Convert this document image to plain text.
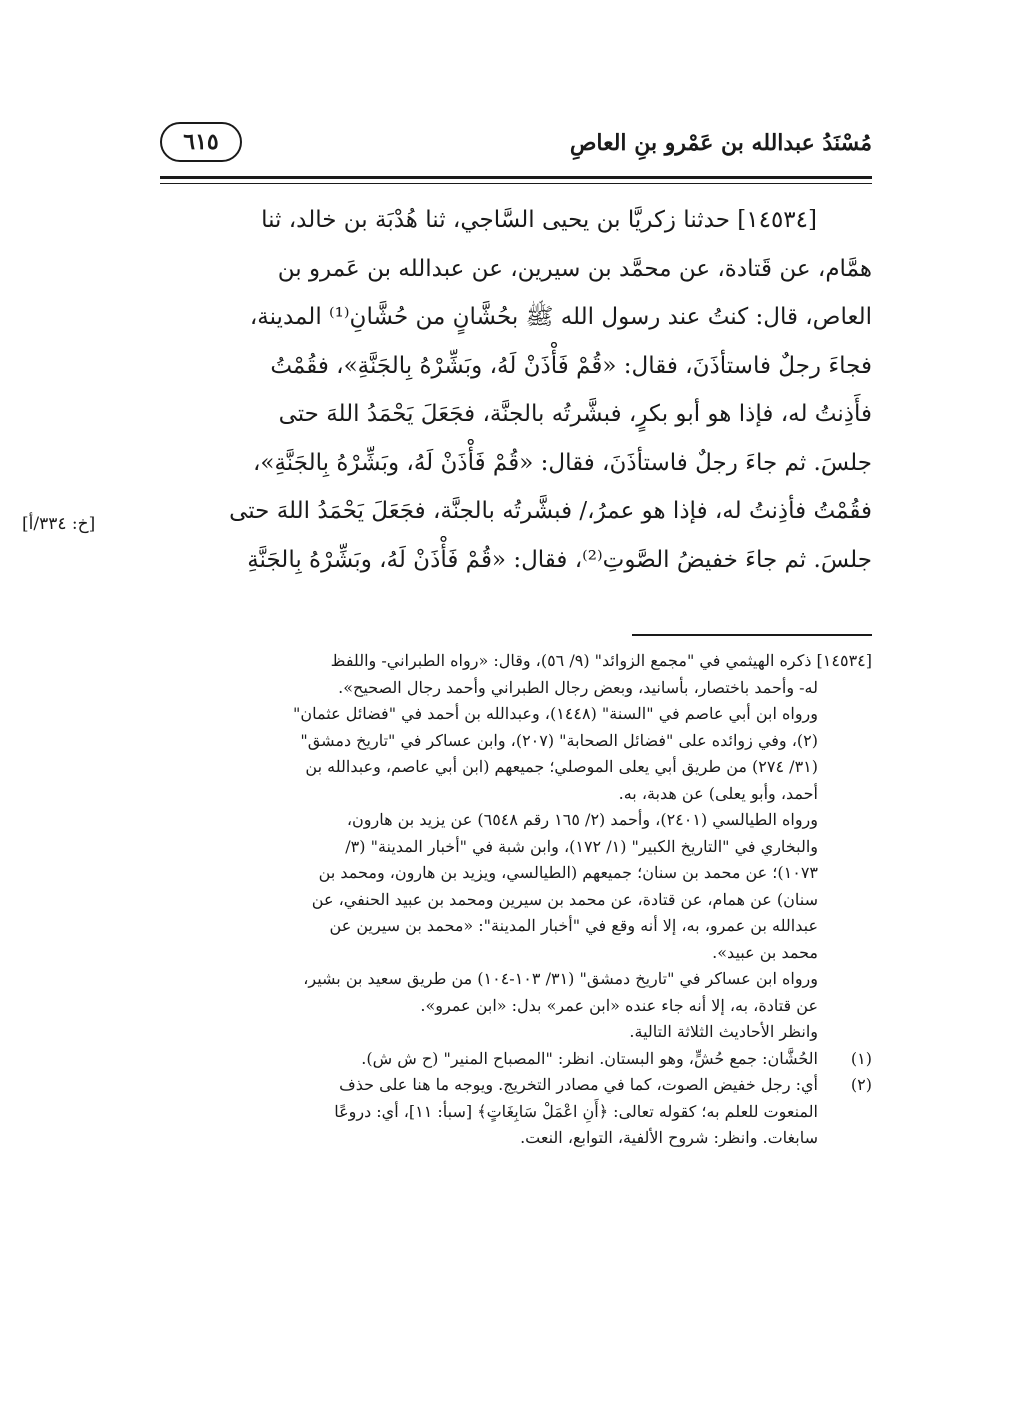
مُسْنَدُ عبدالله بن عَمْرو بنِ العاصِ
٦١٥
[١٤٥٣٤] حدثنا زكريَّا بن يحيى السَّاجي، ثنا هُدْبَة بن خالد، ثنا
همَّام، عن قَتادة، عن محمَّد بن سيرين، عن عبدالله بن عَمرو بن
العاص، قال: كنتُ عند رسول الله ﷺ بحُشَّانٍ من حُشَّانِ⁽¹⁾ المدينة،
فجاءَ رجلٌ فاستأذَنَ، فقال: «قُمْ فَأْذَنْ لَهُ، وبَشِّرْهُ بِالجَنَّةِ»، فقُمْتُ
فأَذِنتُ له، فإذا هو أبو بكرٍ، فبشَّرتُه بالجنَّة، فجَعَلَ يَحْمَدُ اللهَ حتى
جلسَ. ثم جاءَ رجلٌ فاستأذَنَ، فقال: «قُمْ فَأْذَنْ لَهُ، وبَشِّرْهُ بِالجَنَّةِ»،
فقُمْتُ فأذِنتُ له، فإذا هو عمرُ،/ فبشَّرتُه بالجنَّة، فجَعَلَ يَحْمَدُ اللهَ حتى
جلسَ. ثم جاءَ خفيضُ الصَّوتِ⁽²⁾، فقال: «قُمْ فَأْذَنْ لَهُ، وبَشِّرْهُ بِالجَنَّةِ
[خ: ٣٣٤/أ]
[١٤٥٣٤] ذكره الهيثمي في "مجمع الزوائد" (٩/ ٥٦)، وقال: «رواه الطبراني- واللفظ
له- وأحمد باختصار، بأسانيد، وبعض رجال الطبراني وأحمد رجال الصحيح».
ورواه ابن أبي عاصم في "السنة" (١٤٤٨)، وعبدالله بن أحمد في "فضائل عثمان"
(٢)، وفي زوائده على "فضائل الصحابة" (٢٠٧)، وابن عساكر في "تاريخ دمشق"
(٣١/ ٢٧٤) من طريق أبي يعلى الموصلي؛ جميعهم (ابن أبي عاصم، وعبدالله بن
أحمد، وأبو يعلى) عن هدبة، به.
ورواه الطيالسي (٢٤٠١)، وأحمد (٢/ ١٦٥ رقم ٦٥٤٨) عن يزيد بن هارون،
والبخاري في "التاريخ الكبير" (١/ ١٧٢)، وابن شبة في "أخبار المدينة" (٣/
١٠٧٣)؛ عن محمد بن سنان؛ جميعهم (الطيالسي، ويزيد بن هارون، ومحمد بن
سنان) عن همام، عن قتادة، عن محمد بن سيرين ومحمد بن عبيد الحنفي، عن
عبدالله بن عمرو، به، إلا أنه وقع في "أخبار المدينة": «محمد بن سيرين عن
محمد بن عبيد».
ورواه ابن عساكر في "تاريخ دمشق" (٣١/ ١٠٣-١٠٤) من طريق سعيد بن بشير،
عن قتادة، به، إلا أنه جاء عنده «ابن عمر» بدل: «ابن عمرو».
وانظر الأحاديث الثلاثة التالية.
(١)
الحُشَّان: جمع حُشٍّ، وهو البستان. انظر: "المصباح المنير" (ح ش ش).
(٢)
أي: رجل خفيض الصوت، كما في مصادر التخريج. ويوجه ما هنا على حذف
المنعوت للعلم به؛ كقوله تعالى: ﴿أَنِ اعْمَلْ سَابِغَاتٍ﴾ [سبأ: ١١]، أي: دروعًا
سابغات. وانظر: شروح الألفية، التوابع، النعت.
